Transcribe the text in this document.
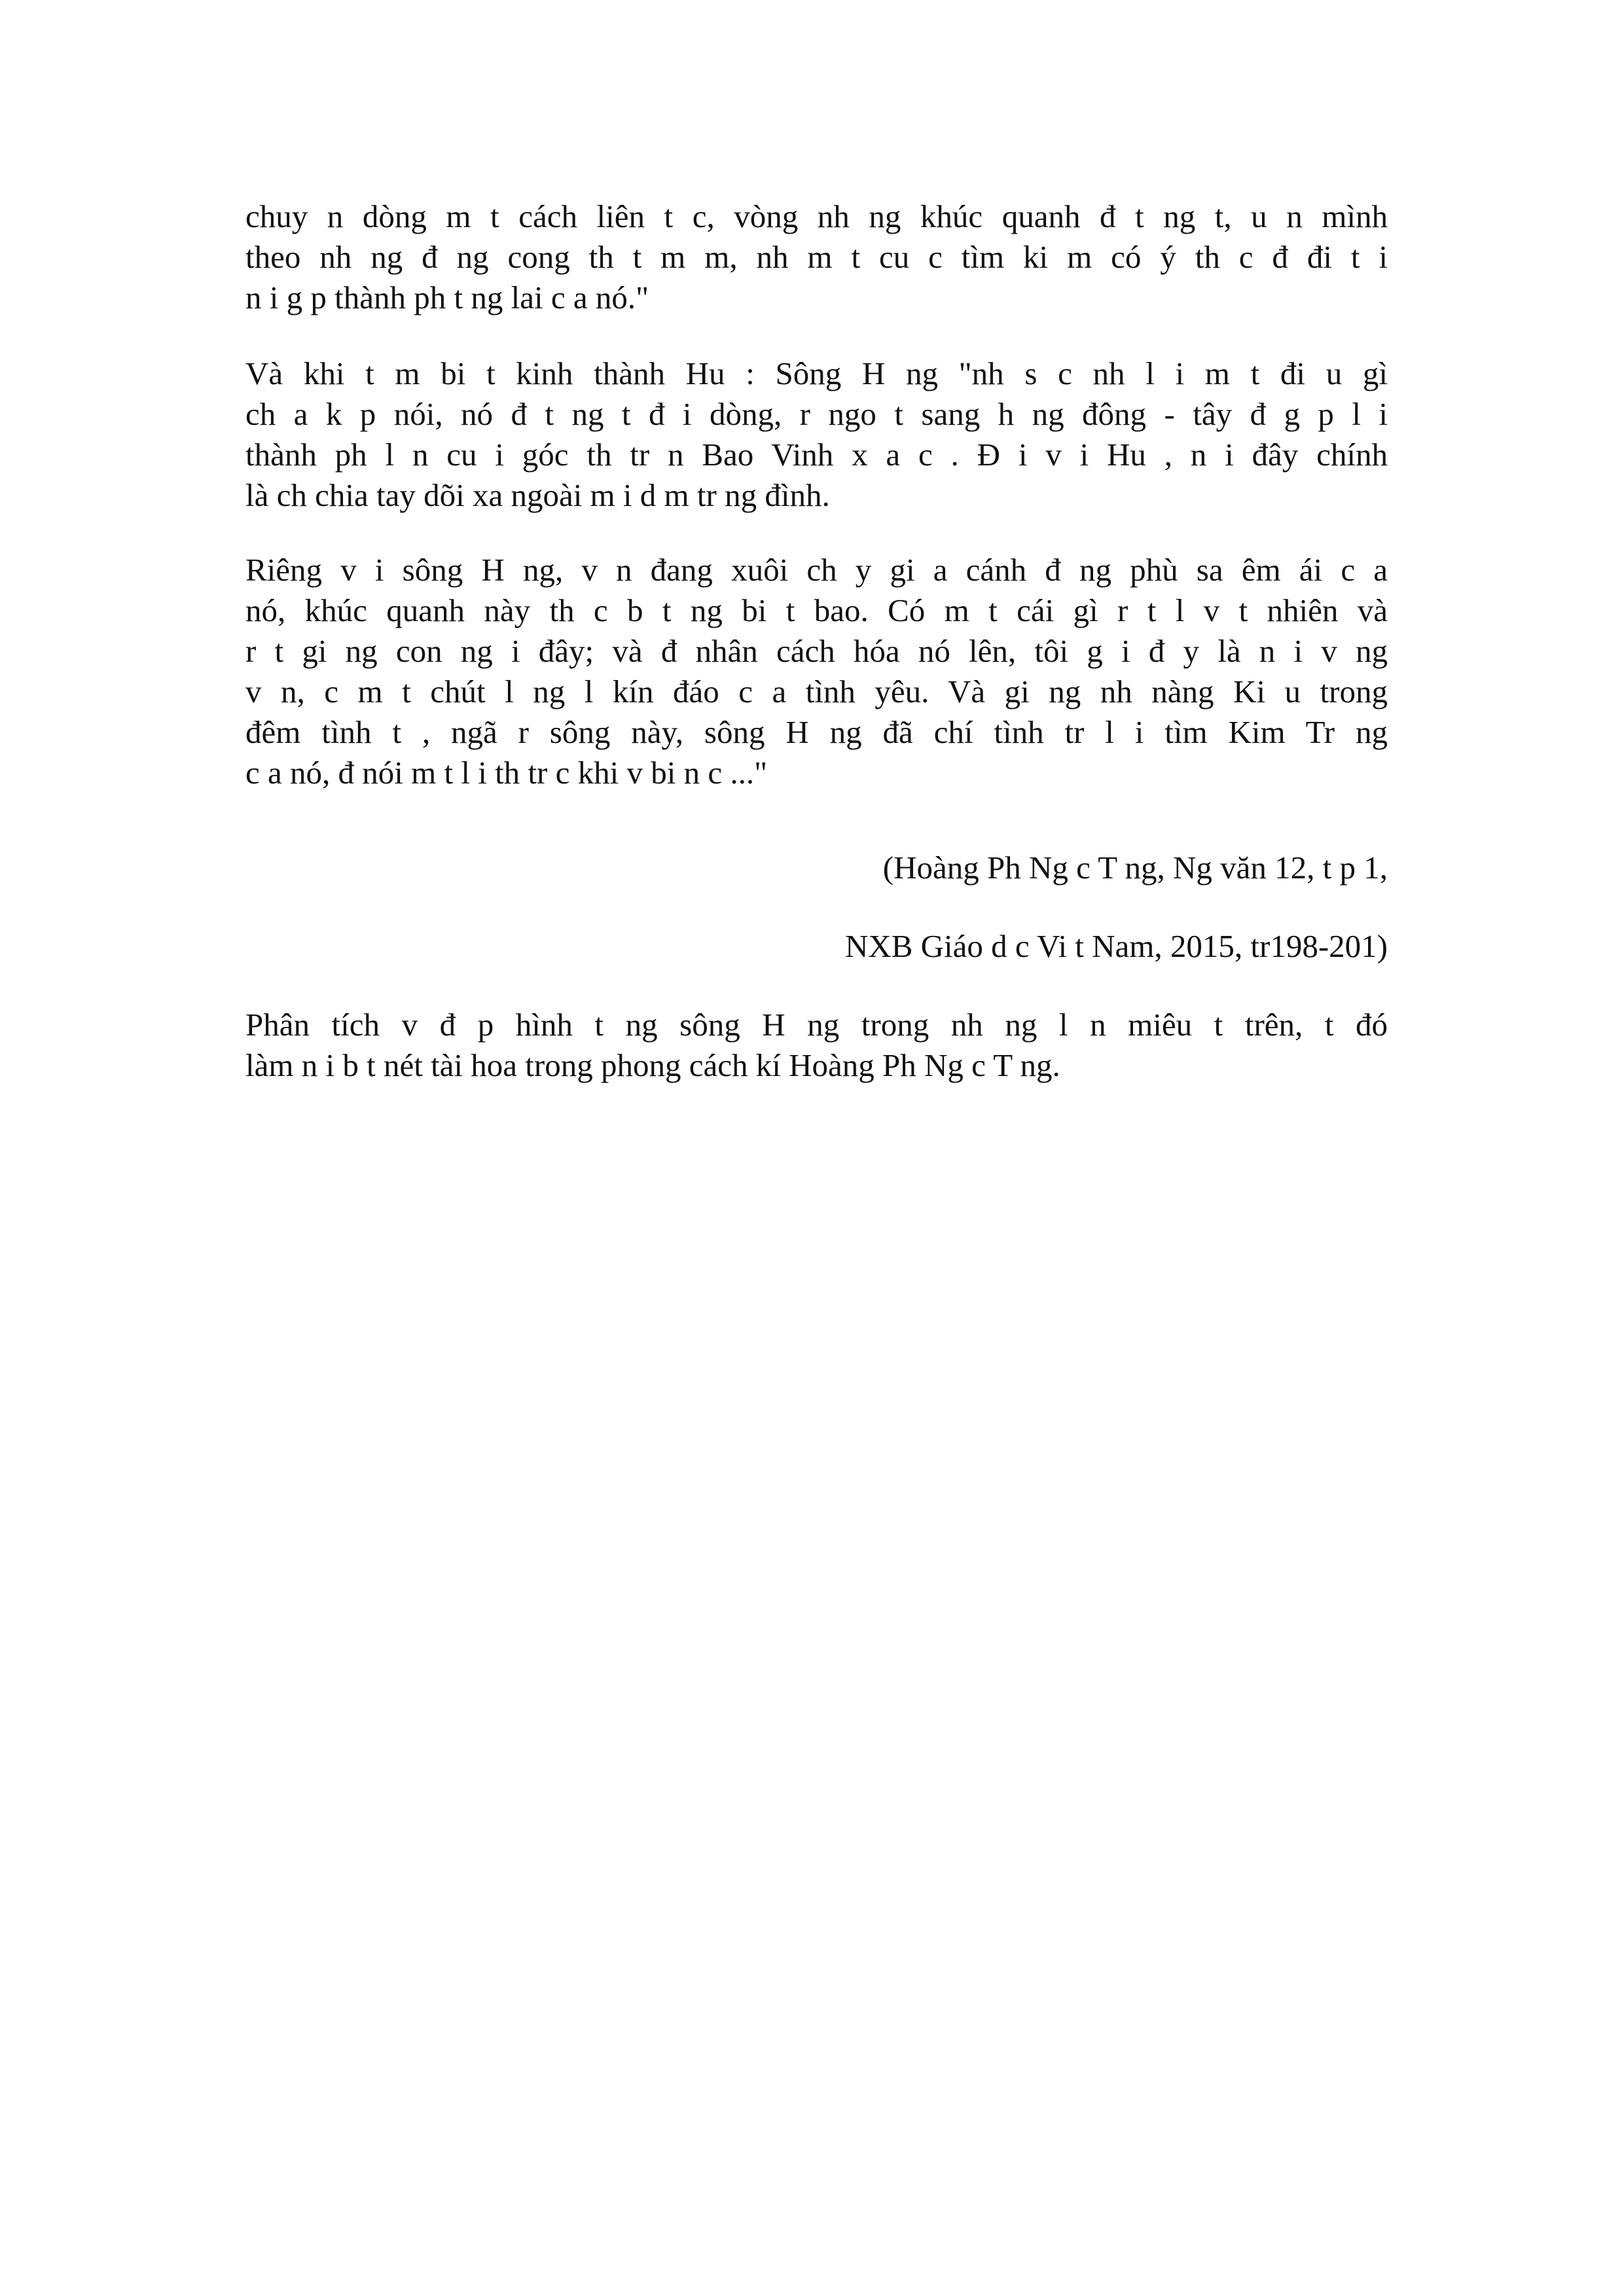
chuy n dòng m t cách liên t c, vòng nh ng khúc quanh đ t ng t, u n mình
theo nh ng đ ng cong th t m m, nh m t cu c tìm ki m có ý th c đ đi t i
n i g p thành ph t ng lai c a nó."
Và khi t m bi t kinh thành Hu : Sông H ng "nh s c nh l i m t đi u gì
ch a k p nói, nó đ t ng t đ i dòng, r ngo t sang h ng đông - tây đ g p l i
thành ph l n cu i góc th tr n Bao Vinh x a c . Đ i v i Hu , n i đây chính
là ch chia tay dõi xa ngoài m i d m tr ng đình.
Riêng v i sông H ng, v n đang xuôi ch y gi a cánh đ ng phù sa êm ái c a
nó, khúc quanh này th c b t ng bi t bao. Có m t cái gì r t l v t nhiên và
r t gi ng con ng i đây; và đ nhân cách hóa nó lên, tôi g i đ y là n i v ng
v n, c m t chút l ng l kín đáo c a tình yêu. Và gi ng nh nàng Ki u trong
đêm tình t , ngã r sông này, sông H ng đã chí tình tr l i tìm Kim Tr ng
c a nó, đ nói m t l i th tr c khi v bi n c ..."
(Hoàng Ph Ng c T ng, Ng văn 12, t p 1,
NXB Giáo d c Vi t Nam, 2015, tr198-201)
Phân tích v đ p hình t ng sông H ng trong nh ng l n miêu t trên, t đó
làm n i b t nét tài hoa trong phong cách kí Hoàng Ph Ng c T ng.
